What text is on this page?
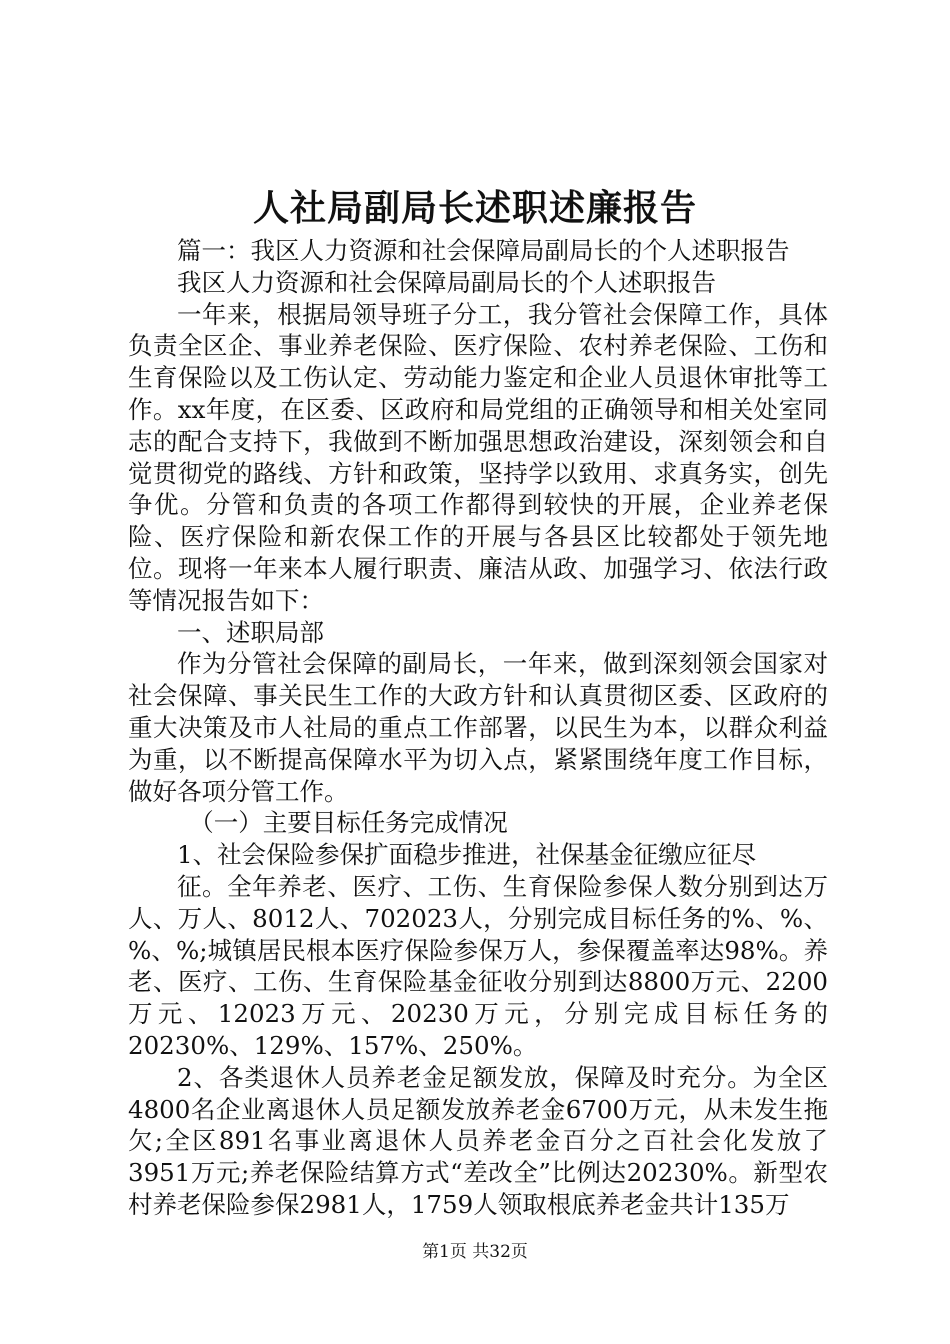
人社局副局长述职述廉报告

篇一：我区人力资源和社会保障局副局长的个人述职报告

我区人力资源和社会保障局副局长的个人述职报告

一年来，根据局领导班子分工，我分管社会保障工作，具体负责全区企、事业养老保险、医疗保险、农村养老保险、工伤和生育保险以及工伤认定、劳动能力鉴定和企业人员退休审批等工作。xx年度，在区委、区政府和局党组的正确领导和相关处室同志的配合支持下，我做到不断加强思想政治建设，深刻领会和自觉贯彻党的路线、方针和政策，坚持学以致用、求真务实，创先争优。分管和负责的各项工作都得到较快的开展，企业养老保险、医疗保险和新农保工作的开展与各县区比较都处于领先地位。现将一年来本人履行职责、廉洁从政、加强学习、依法行政等情况报告如下：

一、述职局部

作为分管社会保障的副局长，一年来，做到深刻领会国家对社会保障、事关民生工作的大政方针和认真贯彻区委、区政府的重大决策及市人社局的重点工作部署，以民生为本，以群众利益为重，以不断提高保障水平为切入点，紧紧围绕年度工作目标，做好各项分管工作。

（一）主要目标任务完成情况

1、社会保险参保扩面稳步推进，社保基金征缴应征尽

征。全年养老、医疗、工伤、生育保险参保人数分别到达万人、万人、8012人、702023人，分别完成目标任务的%、%、%、%;城镇居民根本医疗保险参保万人，参保覆盖率达98%。养老、医疗、工伤、生育保险基金征收分别到达8800万元、2200万元、12023万元、20230万元，分别完成目标任务的20230%、129%、157%、250%。

2、各类退休人员养老金足额发放，保障及时充分。为全区4800名企业离退休人员足额发放养老金6700万元，从未发生拖欠;全区891名事业离退休人员养老金百分之百社会化发放了3951万元;养老保险结算方式“差改全”比例达20230%。新型农村养老保险参保2981人，1759人领取根底养老金共计135万

第1页 共32页
